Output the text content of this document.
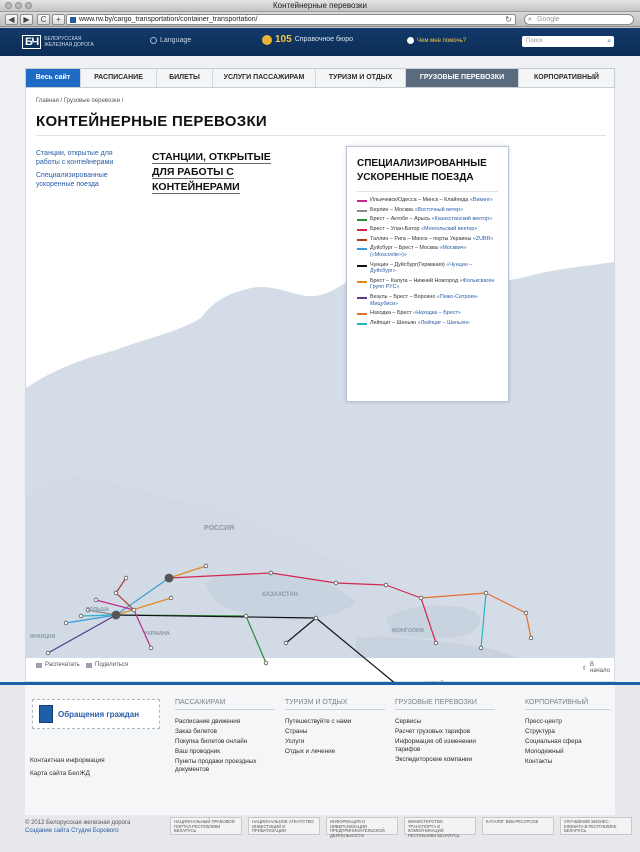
Контейнерные перевозки
◀	▶	C	+	www.rw.by/cargo_transportation/container_transportation/	↻ ⌕ Google
БЧ	БЕЛОРУССКАЯ ЖЕЛЕЗНАЯ ДОРОГА
Language	105 Справочное бюро	Чем мне помочь?	Поиск	⌕
Весь сайт	РАСПИСАНИЕ	БИЛЕТЫ	УСЛУГИ ПАССАЖИРАМ	ТУРИЗМ И ОТДЫХ	ГРУЗОВЫЕ ПЕРЕВОЗКИ	КОРПОРАТИВНЫЙ
Главная / Грузовые перевозки /
КОНТЕЙНЕРНЫЕ ПЕРЕВОЗКИ
Станции, открытые для работы с контейнерами
Специализированные ускоренные поезда
СТАНЦИИ, ОТКРЫТЫЕ ДЛЯ РАБОТЫ С КОНТЕЙНЕРАМИ
РОССИЯ
КАЗАХСТАН
МОНГОЛИЯ
УКРАИНА
ПОЛЬША
ФРАНЦИЯ
СПЕЦИАЛИЗИРОВАННЫЕ УСКОРЕННЫЕ ПОЕЗДА
Ильичевск/Одесса – Минск – Клайпеда «Викинг»
Берлин – Москва «Восточный ветер»
Брест – Актобе – Арысь «Казахстанский вектор»
Брест – Улан-Батор «Монгольский вектор»
Таллин – Рига – Минск – порты Украины «ZUBR»
Дуйсбург – Брест – Москва «Москвич» («Moscovite»)»
Чунцин – Дуйсбург(Германия) «Чунцин – Дуйсбург»
Брест – Калуга – Нижний Новгород «Фольксваген Групп РУС»
Везуль – Брест – Ворсино «Пежо-Ситроен-Мицубиси»
Находка – Брест «Находка – Брест»
Лейпциг – Шеньян «Лейпциг – Шеньян»
Распечатать	Поделиться
⇧
В начало
Обращения граждан
Контактная информация
Карта сайта БелЖД
ПАССАЖИРАМ
Расписание движения
Заказ билетов
Покупка билетов онлайн
Ваш проводник
Пункты продажи проездных документов
ТУРИЗМ И ОТДЫХ
Путешествуйте с нами
Страны
Услуги
Отдых и лечение
ГРУЗОВЫЕ ПЕРЕВОЗКИ
Сервисы
Расчет грузовых тарифов
Информация об изменении тарифов
Экспедиторские компании
КОРПОРАТИВНЫЙ
Пресс-центр
Структура
Социальная сфера
Молодежный
Контакты
© 2012 Белорусская железная дорога
Создание сайта Студия Борового
НАЦИОНАЛЬНЫЙ ПРАВОВОЙ ПОРТАЛ РЕСПУБЛИКИ БЕЛАРУСЬ
НАЦИОНАЛЬНОЕ АГЕНТСТВО ИНВЕСТИЦИЙ И ПРИВАТИЗАЦИИ
ИНФОРМАЦИЯ О ЛИБЕРАЛИЗАЦИИ ПРЕДПРИНИМАТЕЛЬСКОЙ ДЕЯТЕЛЬНОСТИ
МИНИСТЕРСТВО ТРАНСПОРТА И КОММУНИКАЦИЙ РЕСПУБЛИКИ БЕЛАРУСЬ
КАТАЛОГ ВЕБ-РЕСУРСОВ	УЛУЧШЕНИЕ БИЗНЕС-КЛИМАТА В РЕСПУБЛИКЕ БЕЛАРУСЬ
